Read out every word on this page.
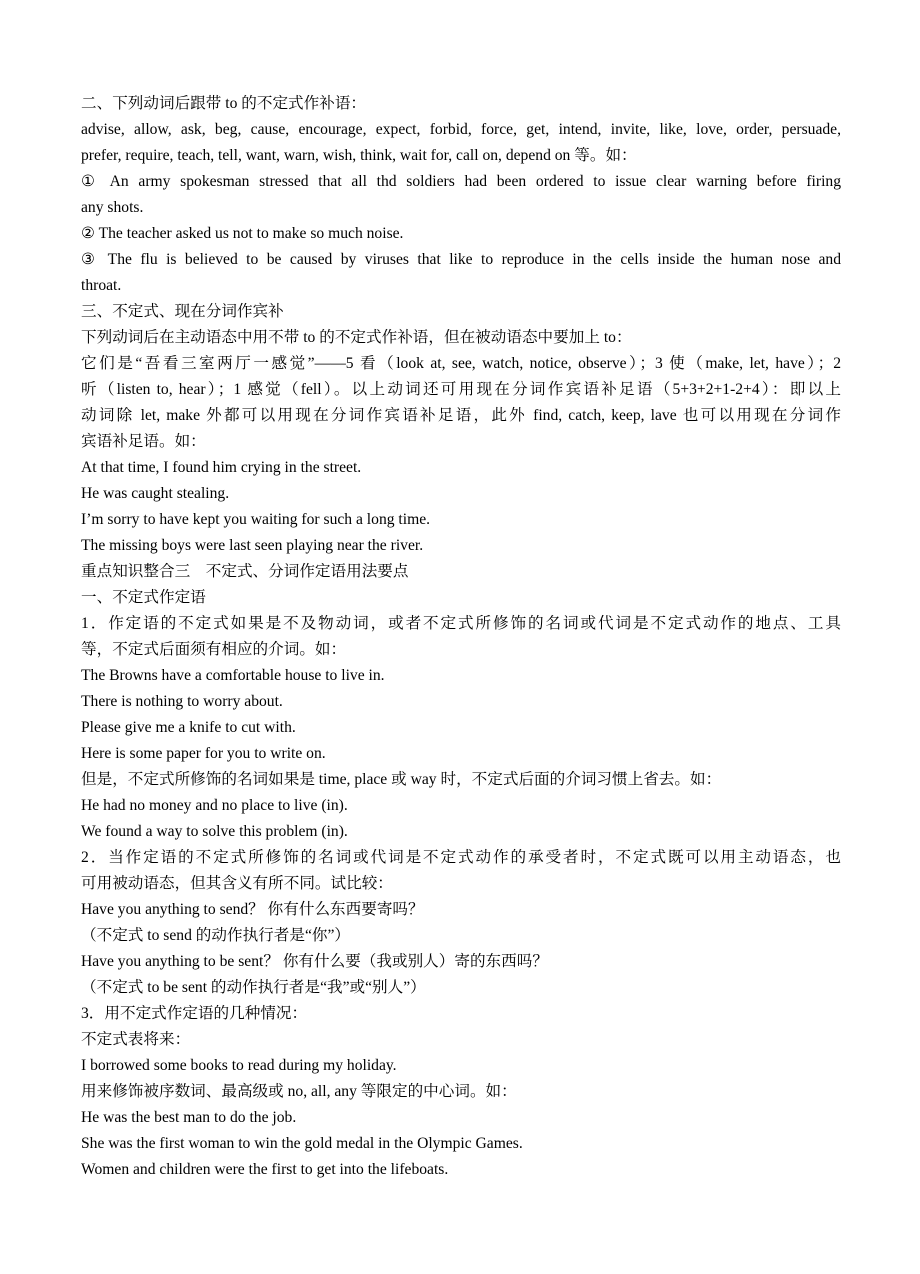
二、下列动词后跟带 to 的不定式作补语：
advise, allow, ask, beg, cause, encourage, expect, forbid, force, get, intend, invite, like, love, order, persuade,
prefer, require, teach, tell, want, warn, wish, think, wait for, call on, depend on 等。如：
① An army spokesman stressed that all thd soldiers had been ordered to issue clear warning before firing
any shots.
② The teacher asked us not to make so much noise.
③ The flu is believed to be caused by viruses that like to reproduce in the cells inside the human nose and
throat.
三、不定式、现在分词作宾补
下列动词后在主动语态中用不带 to 的不定式作补语，但在被动语态中要加上 to：
它们是“吾看三室两厅一感觉”——5 看（look at, see, watch, notice, observe）；3 使（make, let, have）；2
听（listen to, hear）；1 感觉（fell）。以上动词还可用现在分词作宾语补足语（5+3+2+1-2+4）：即以上
动词除 let, make 外都可以用现在分词作宾语补足语，此外 find, catch, keep, lave 也可以用现在分词作
宾语补足语。如：
At that time, I found him crying in the street.
He was caught stealing.
I’m sorry to have kept you waiting for such a long time.
The missing boys were last seen playing near the river.
重点知识整合三　不定式、分词作定语用法要点
一、不定式作定语
1．作定语的不定式如果是不及物动词，或者不定式所修饰的名词或代词是不定式动作的地点、工具
等，不定式后面须有相应的介词。如：
The Browns have a comfortable house to live in.
There is nothing to worry about.
Please give me a knife to cut with.
Here is some paper for you to write on.
但是，不定式所修饰的名词如果是 time, place 或 way 时，不定式后面的介词习惯上省去。如：
He had no money and no place to live (in).
We found a way to solve this problem (in).
2．当作定语的不定式所修饰的名词或代词是不定式动作的承受者时，不定式既可以用主动语态，也
可用被动语态，但其含义有所不同。试比较：
Have you anything to send？ 你有什么东西要寄吗？
（不定式 to send 的动作执行者是“你”）
Have you anything to be sent？ 你有什么要（我或别人）寄的东西吗？
（不定式 to be sent 的动作执行者是“我”或“别人”）
3．用不定式作定语的几种情况：
不定式表将来：
I borrowed some books to read during my holiday.
用来修饰被序数词、最高级或 no, all, any 等限定的中心词。如：
He was the best man to do the job.
She was the first woman to win the gold medal in the Olympic Games.
Women and children were the first to get into the lifeboats.
